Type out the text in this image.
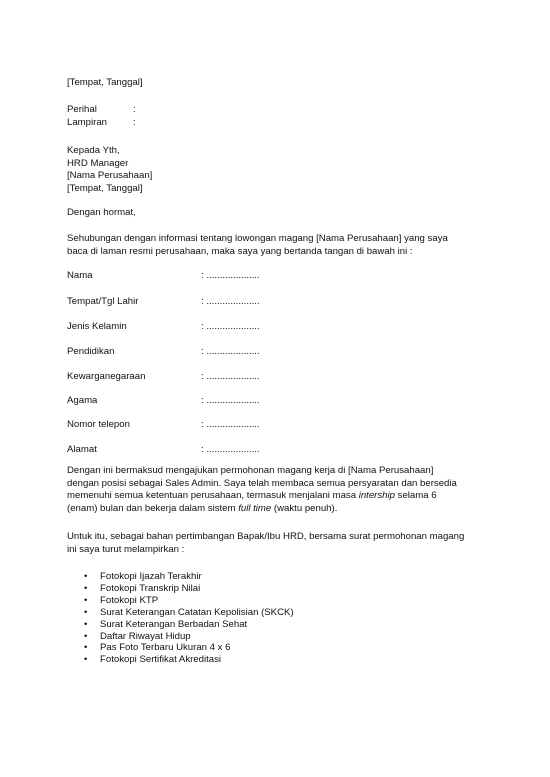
[Tempat, Tanggal]

Perihal	:
Lampiran	:

Kepada Yth,
HRD Manager
[Nama Perusahaan]
[Tempat, Tanggal]

Dengan hormat,

Sehubungan dengan informasi tentang lowongan magang [Nama Perusahaan] yang saya
baca di laman resmi perusahaan, maka saya yang bertanda tangan di bawah ini :

Nama	: ....................
Tempat/Tgl Lahir	: ....................
Jenis Kelamin	: ....................
Pendidikan	: ....................
Kewarganegaraan	: ....................
Agama	: ....................
Nomor telepon	: ....................
Alamat	: ....................

Dengan ini bermaksud mengajukan permohonan magang kerja di [Nama Perusahaan]
dengan posisi sebagai Sales Admin. Saya telah membaca semua persyaratan dan bersedia
memenuhi semua ketentuan perusahaan, termasuk menjalani masa intership selama 6
(enam) bulan dan bekerja dalam sistem full time (waktu penuh).

Untuk itu, sebagai bahan pertimbangan Bapak/Ibu HRD, bersama surat permohonan magang
ini saya turut melampirkan :

• Fotokopi Ijazah Terakhir
• Fotokopi Transkrip Nilai
• Fotokopi KTP
• Surat Keterangan Catatan Kepolisian (SKCK)
• Surat Keterangan Berbadan Sehat
• Daftar Riwayat Hidup
• Pas Foto Terbaru Ukuran 4 x 6
• Fotokopi Sertifikat Akreditasi
